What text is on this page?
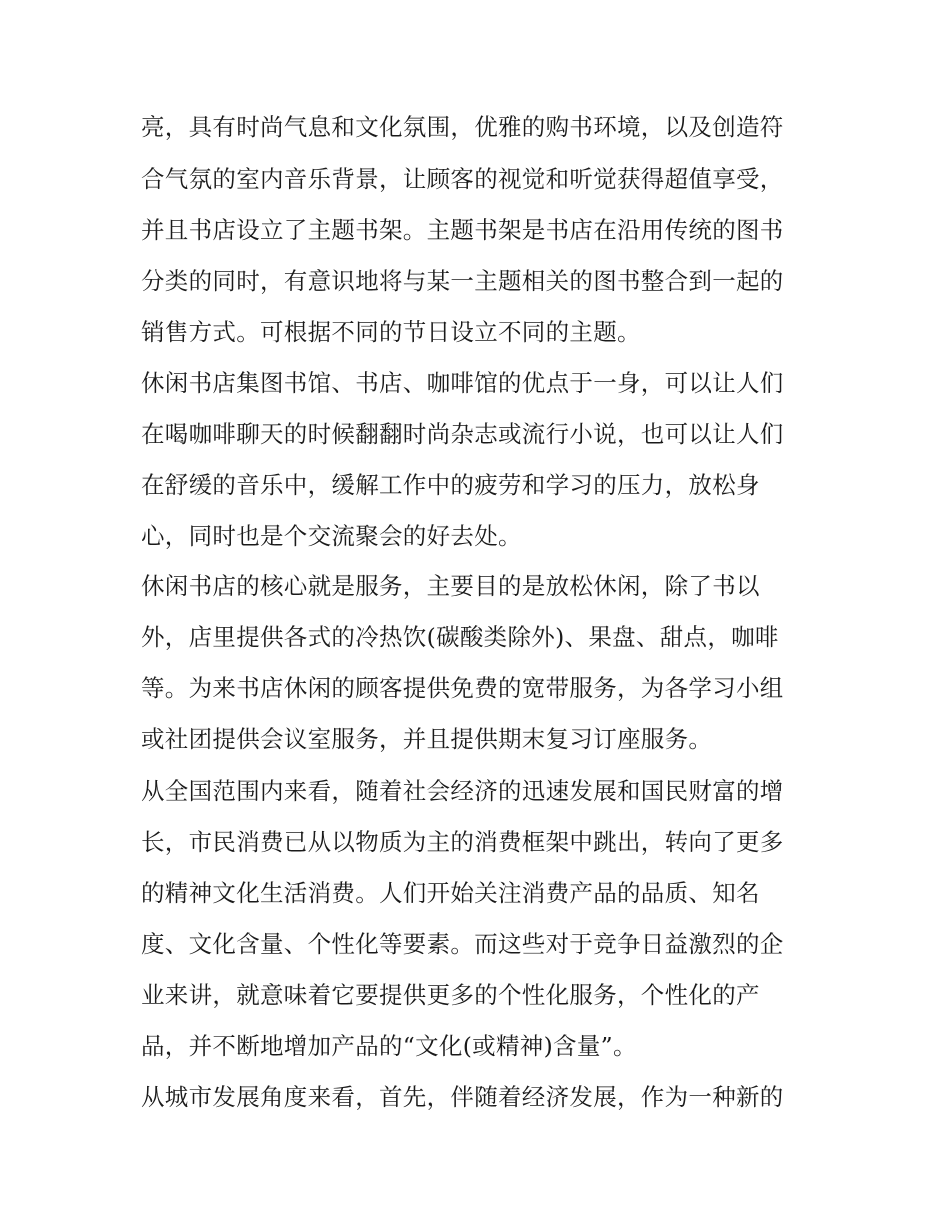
亮，具有时尚气息和文化氛围，优雅的购书环境，以及创造符

合气氛的室内音乐背景，让顾客的视觉和听觉获得超值享受，

并且书店设立了主题书架。主题书架是书店在沿用传统的图书

分类的同时，有意识地将与某一主题相关的图书整合到一起的

销售方式。可根据不同的节日设立不同的主题。

休闲书店集图书馆、书店、咖啡馆的优点于一身，可以让人们

在喝咖啡聊天的时候翻翻时尚杂志或流行小说，也可以让人们

在舒缓的音乐中，缓解工作中的疲劳和学习的压力，放松身

心，同时也是个交流聚会的好去处。

休闲书店的核心就是服务，主要目的是放松休闲，除了书以

外，店里提供各式的冷热饮(碳酸类除外)、果盘、甜点，咖啡

等。为来书店休闲的顾客提供免费的宽带服务，为各学习小组

或社团提供会议室服务，并且提供期末复习订座服务。

从全国范围内来看，随着社会经济的迅速发展和国民财富的增

长，市民消费已从以物质为主的消费框架中跳出，转向了更多

的精神文化生活消费。人们开始关注消费产品的品质、知名

度、文化含量、个性化等要素。而这些对于竞争日益激烈的企

业来讲，就意味着它要提供更多的个性化服务，个性化的产

品，并不断地增加产品的“文化(或精神)含量”。

从城市发展角度来看，首先，伴随着经济发展，作为一种新的
